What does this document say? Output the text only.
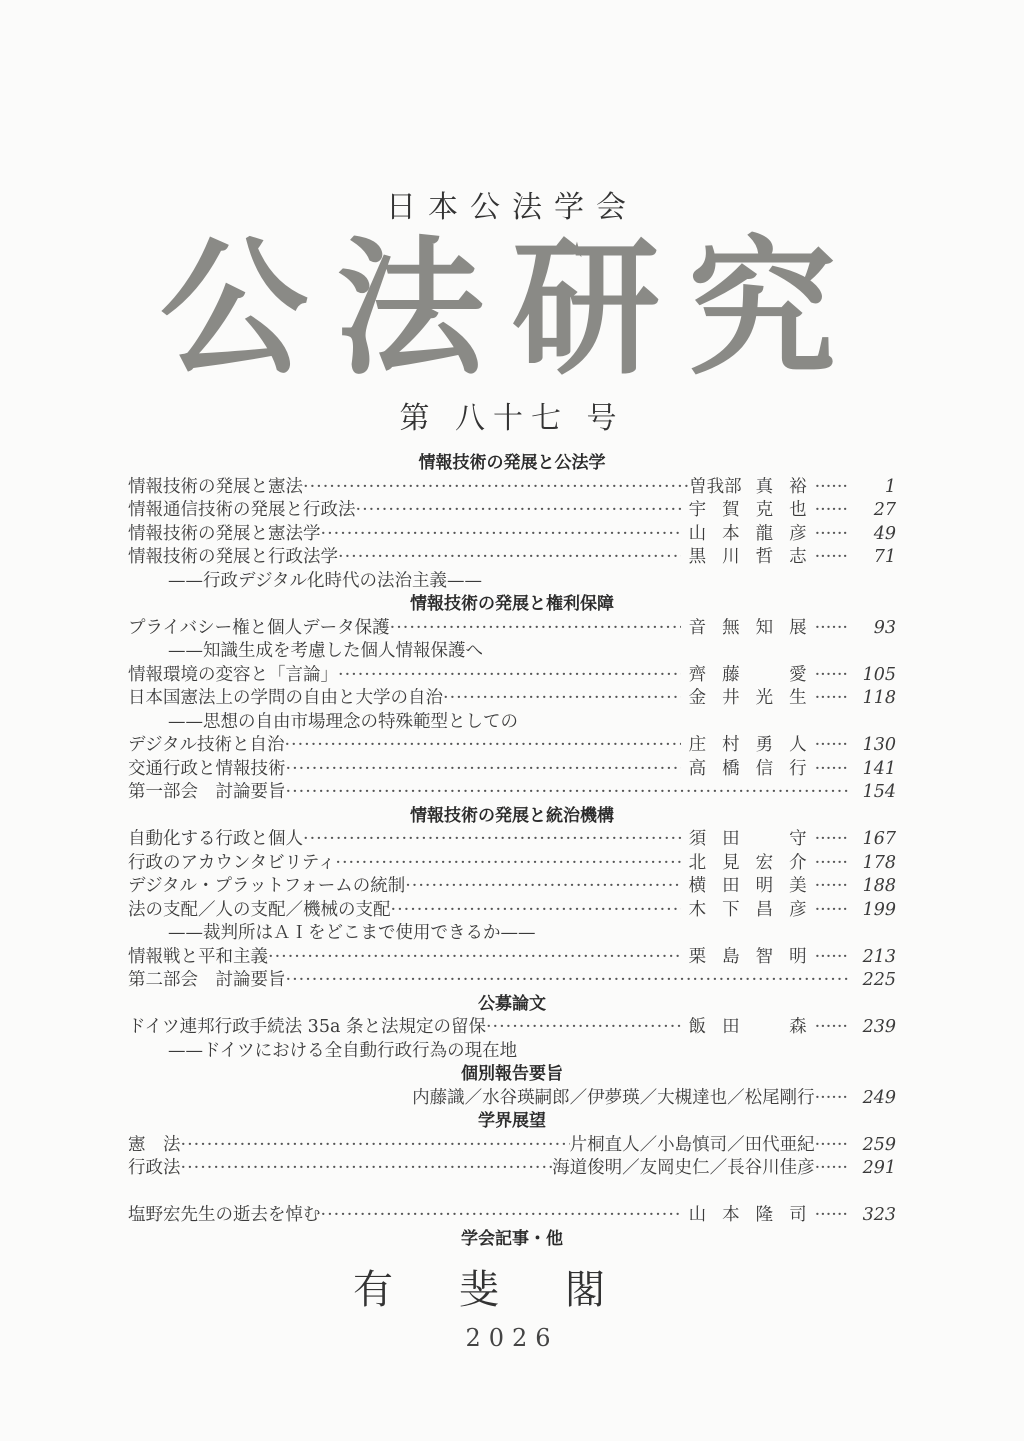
日本公法学会
公法研究
第 八十七 号
情報技術の発展と公法学
情報技術の発展と憲法 ·····	曽我部 真 裕 ······	1
情報通信技術の発展と行政法 ·····	宇 賀 克 也 ······	27
情報技術の発展と憲法学 ·····	山 本 龍 彦 ······	49
情報技術の発展と行政法学 ·····	黒 川 哲 志 ······	71
——行政デジタル化時代の法治主義——
情報技術の発展と権利保障
プライバシー権と個人データ保護 ·····	音 無 知 展 ······	93
——知識生成を考慮した個人情報保護へ
情報環境の変容と「言論」 ·····	齊 藤	愛 ······	105
日本国憲法上の学問の自由と大学の自治 ·····	金 井 光 生 ······	118
——思想の自由市場理念の特殊範型としての
デジタル技術と自治 ·····	庄 村 勇 人 ······	130
交通行政と情報技術 ·····	高 橋 信 行 ······	141
第一部会　討論要旨 ·····	154
情報技術の発展と統治機構
自動化する行政と個人 ·····	須 田	守 ······	167
行政のアカウンタビリティ ·····	北 見 宏 介 ······	178
デジタル・プラットフォームの統制 ·····	横 田 明 美 ······	188
法の支配／人の支配／機械の支配 ·····	木 下 昌 彦 ······	199
——裁判所はＡＩをどこまで使用できるか——
情報戦と平和主義 ·····	栗 島 智 明 ······	213
第二部会　討論要旨 ·····	225
公募論文
ドイツ連邦行政手続法 35a 条と法規定の留保 ·····	飯 田	森 ······	239
——ドイツにおける全自動行政行為の現在地
個別報告要旨
内藤識／水谷瑛嗣郎／伊夢瑛／大槻達也／松尾剛行 ······	249
学界展望
憲　法 ·····	片桐直人／小島慎司／田代亜紀 ······	259
行政法 ·····	海道俊明／友岡史仁／長谷川佳彦 ······	291
塩野宏先生の逝去を悼む ·····	山 本 隆 司 ······	323
学会記事・他
有斐閣
2026
